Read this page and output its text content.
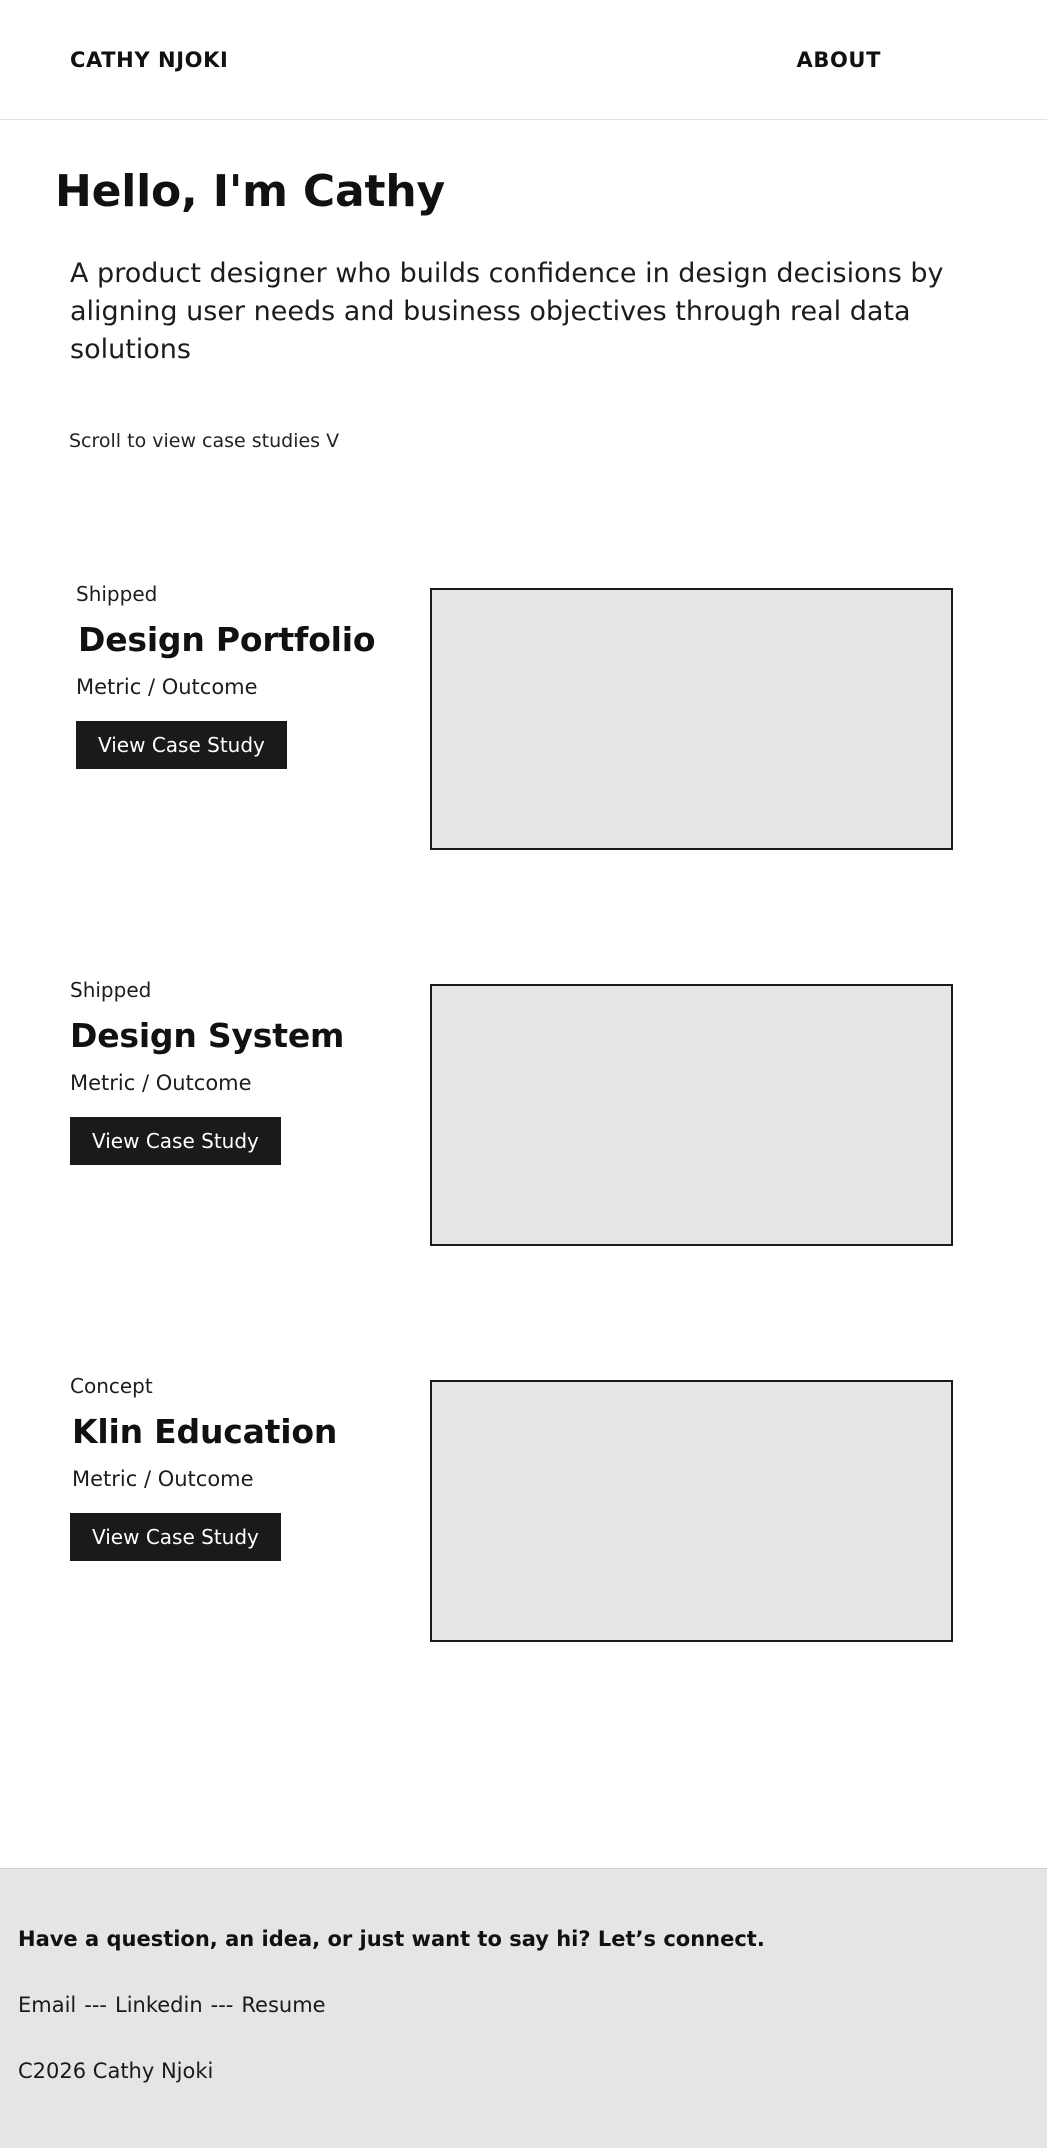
CATHY NJOKI	ABOUT
Hello, I'm Cathy

A product designer who builds confidence in design decisions by aligning user needs and business objectives through real data solutions

Scroll to view case studies V
Shipped
Design Portfolio
Metric / Outcome
View Case Study
Shipped
Design System
Metric / Outcome
View Case Study
Concept
Klin Education
Metric / Outcome
View Case Study
Have a question, an idea, or just want to say hi? Let’s connect.
Email --- Linkedin --- Resume
C2026 Cathy Njoki
